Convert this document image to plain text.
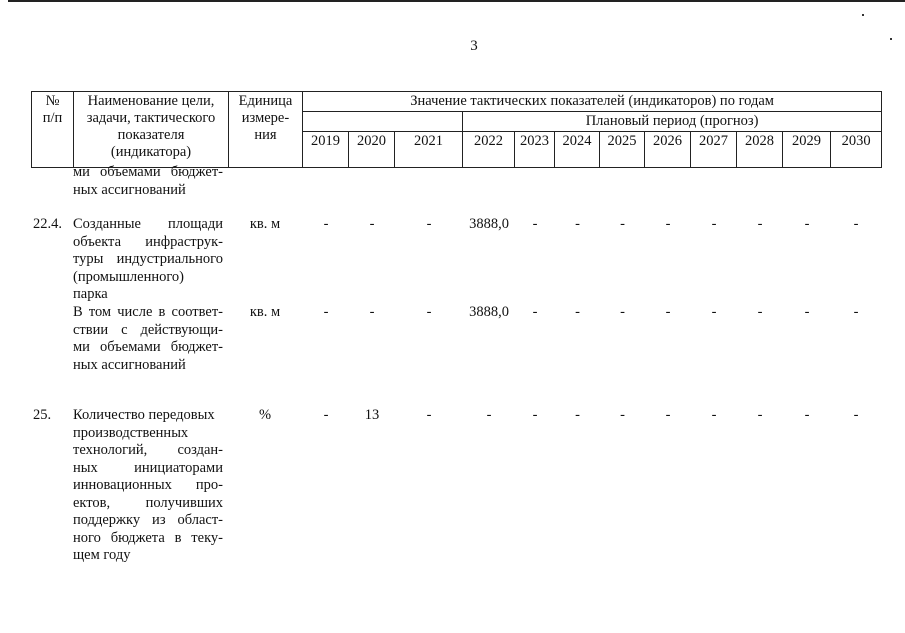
3
№
п/п	Наименование цели,
задачи, тактического
показателя
(индикатора)	Единица
измере-
ния	Значение тактических показателей (индикаторов) по годам											
						Плановый период (прогноз)								
			2019	2020	2021	2022	2023	2024	2025	2026	2027	2028	2029	2030
ми объемами бюджет-
ных ассигнований
22.4. Созданные площади
объекта инфраструк-
туры индустриального
(промышленного)
парка
кв. м	-	-	-	3888,0	-	-	-	-	-	-	-	-
В том числе в соответ-
ствии с действующи-
ми объемами бюджет-
ных ассигнований
кв. м	-	-	-	3888,0	-	-	-	-	-	-	-	-
25.	Количество передовых
производственных
технологий, создан-
ных инициаторами
инновационных про-
ектов, получивших
поддержку из област-
ного бюджета в теку-
щем году
%	-	13	-	-	-	-	-	-	-	-	-	-
